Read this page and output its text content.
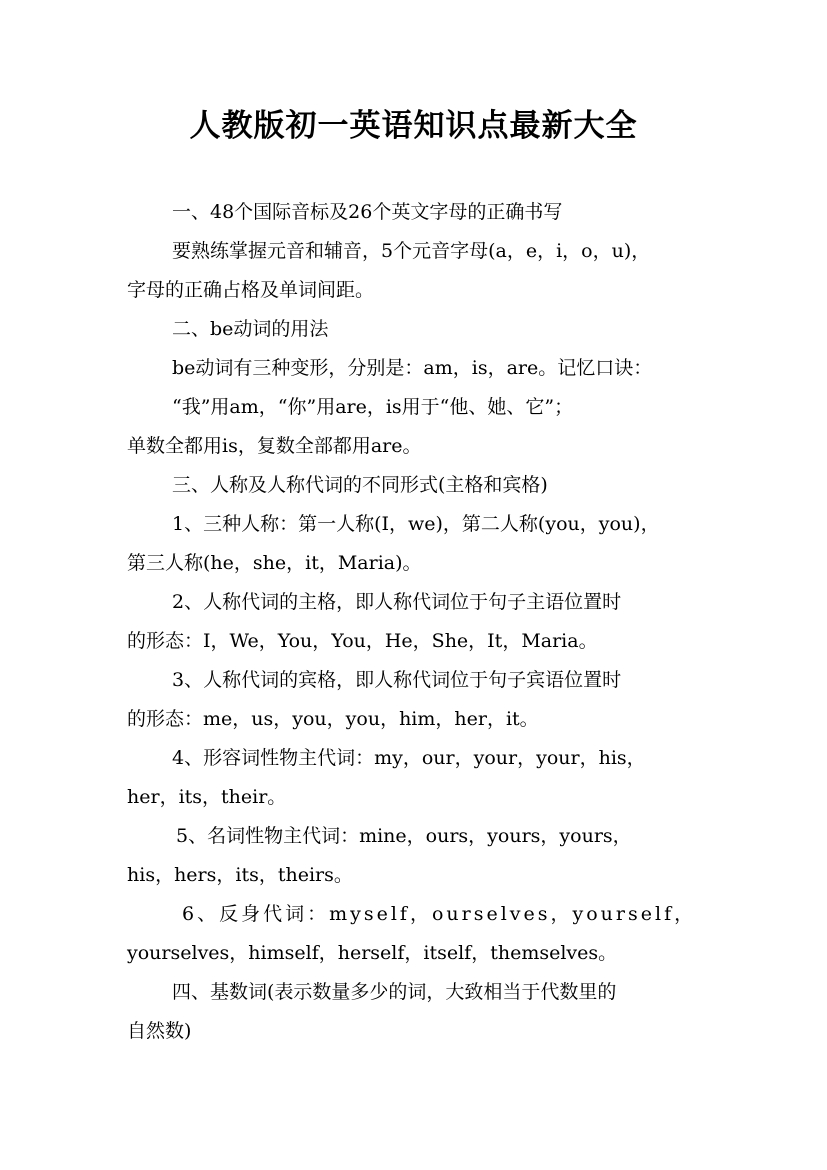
人教版初一英语知识点最新大全
一、48个国际音标及26个英文字母的正确书写
要熟练掌握元音和辅音，5个元音字母(a，e，i，o，u)，
字母的正确占格及单词间距。
二、be动词的用法
be动词有三种变形，分别是：am，is，are。记忆口诀：
“我”用am，“你”用are，is用于“他、她、它”；
单数全都用is，复数全部都用are。
三、人称及人称代词的不同形式(主格和宾格)
1、三种人称：第一人称(I，we)，第二人称(you，you)，
第三人称(he，she，it，Maria)。
2、人称代词的主格，即人称代词位于句子主语位置时
的形态：I，We，You，You，He，She，It，Maria。
3、人称代词的宾格，即人称代词位于句子宾语位置时
的形态：me，us，you，you，him，her，it。
4、形容词性物主代词：my，our，your，your，his，
her，its，their。
5、名词性物主代词：mine，ours，yours，yours，
his，hers，its，theirs。
6、反身代词：myself，ourselves，yourself，
yourselves，himself，herself，itself，themselves。
四、基数词(表示数量多少的词，大致相当于代数里的
自然数)
